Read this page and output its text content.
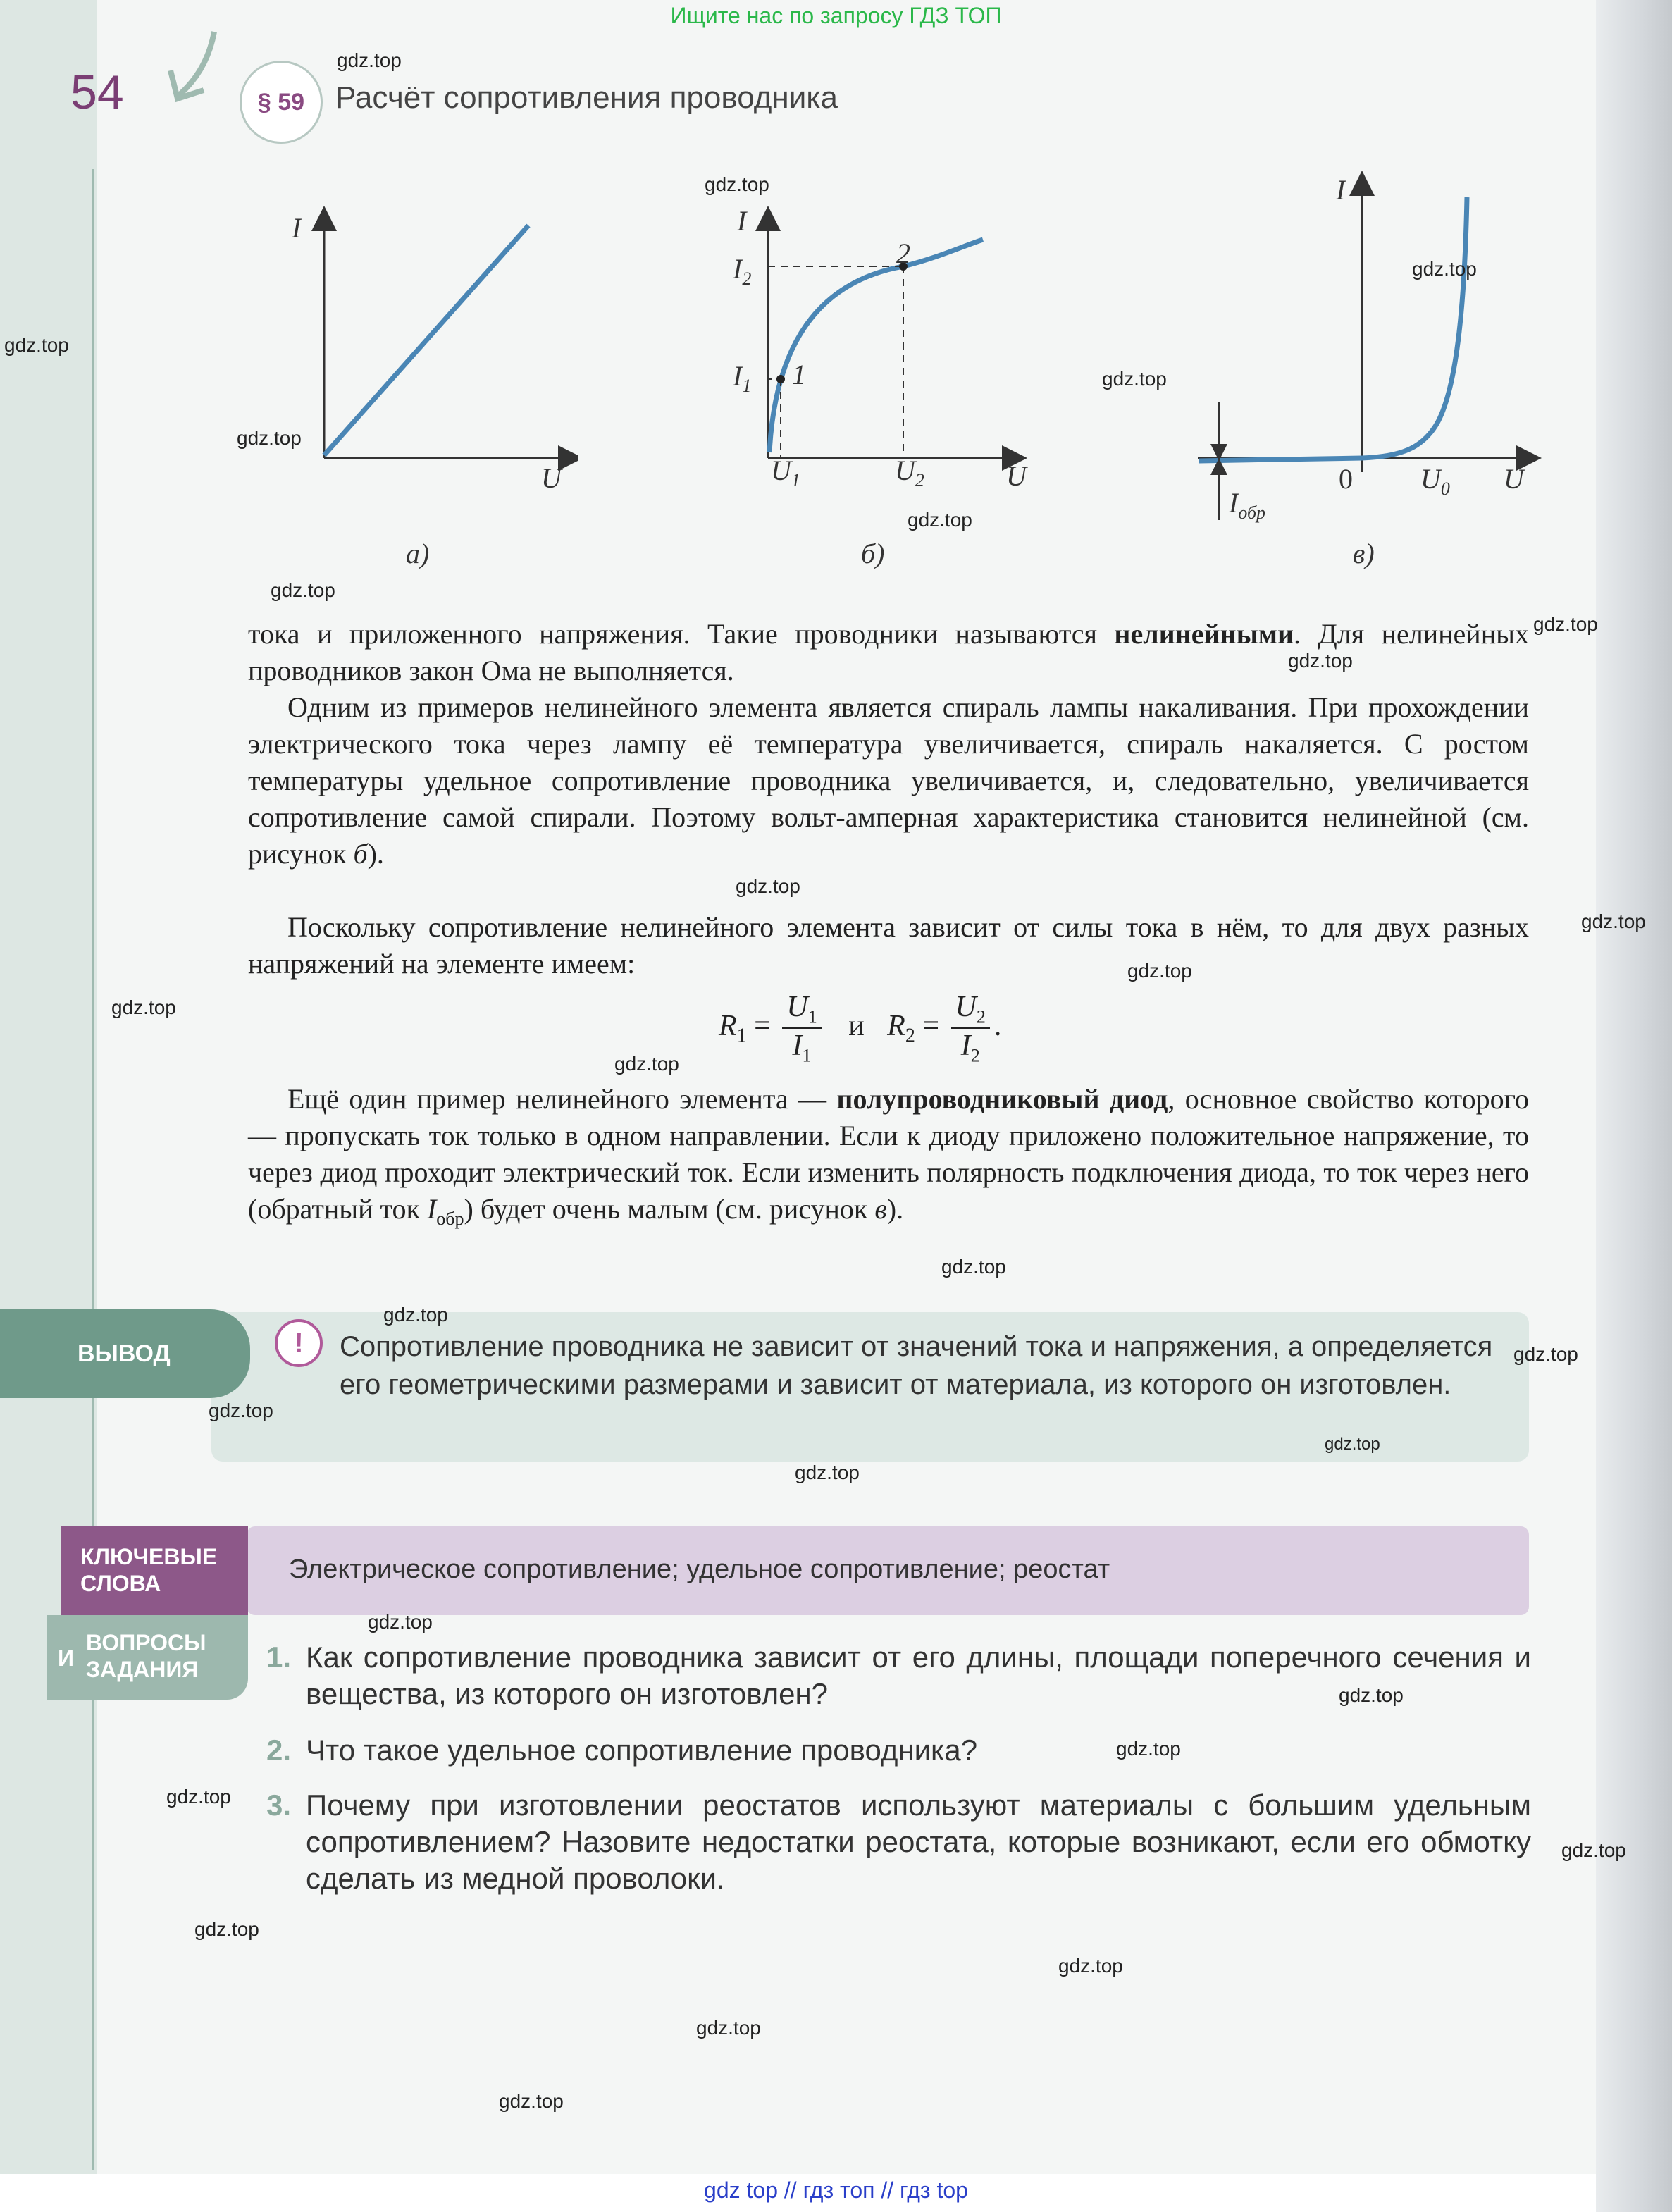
Ищите нас по запросу ГДЗ ТОП
54	§ 59 Расчёт сопротивления проводника
I
U
а)
I
U
$I_2$
$I_1$
$U_1$	$U_2$
1
2
б)
I
U
0 $U_0$
$I_{обр}$
в)

тока и приложенного напряжения. Такие проводники называются нелинейными. Для нелинейных проводников закон Ома не выполняется.

Одним из примеров нелинейного элемента является спираль лампы накаливания. При прохождении электрического тока через лампу её температура увеличивается, спираль накаляется. С ростом температуры удельное сопротивление проводника увеличивается, и, следовательно, увеличивается сопротивление самой спирали. Поэтому вольт-амперная характеристика становится нелинейной (см. рисунок б).

Поскольку сопротивление нелинейного элемента зависит от силы тока в нём, то для двух разных напряжений на элементе имеем:

$R_1 = \frac{U_1}{I_1}$ и $R_2 = \frac{U_2}{I_2}$ .

Ещё один пример нелинейного элемента — полупроводниковый диод, основное свойство которого — пропускать ток только в одном направлении. Если к диоду приложено положительное напряжение, то через диод проходит электрический ток. Если изменить полярность подключения диода, то ток через него (обратный ток $I_{обр}$) будет очень малым (см. рисунок в).

ВЫВОД	!	Сопротивление проводника не зависит от значений тока и напряжения, а определяется его геометрическими размерами и зависит от материала, из которого он изготовлен.
КЛЮЧЕВЫЕ
СЛОВА	Электрическое сопротивление; удельное сопротивление; реостат
И
ВОПРОСЫ
ЗАДАНИЯ 1. Как сопротивление проводника зависит от его длины, площади поперечного сечения и вещества, из которого он изготовлен?
2. Что такое удельное сопротивление проводника?
3. Почему при изготовлении реостатов используют материалы с большим удельным сопротивлением? Назовите недостатки реостата, которые возникают, если его обмотку сделать из медной проволоки.
gdz.top
gdz.top
gdz.top
gdz.top
gdz.top
gdz.top
gdz.top
gdz.top
gdz.top
gdz.top
gdz.top
gdz.top
gdz.top
gdz.top
gdz.top
gdz.top
gdz.top
gdz.top
gdz.top
gdz.top
gdz.top
gdz.top
gdz.top
gdz.top
gdz.top
gdz.top
gdz.top
gdz.top
gdz.top
gdz.top
gdz top // гдз топ // гдз top
